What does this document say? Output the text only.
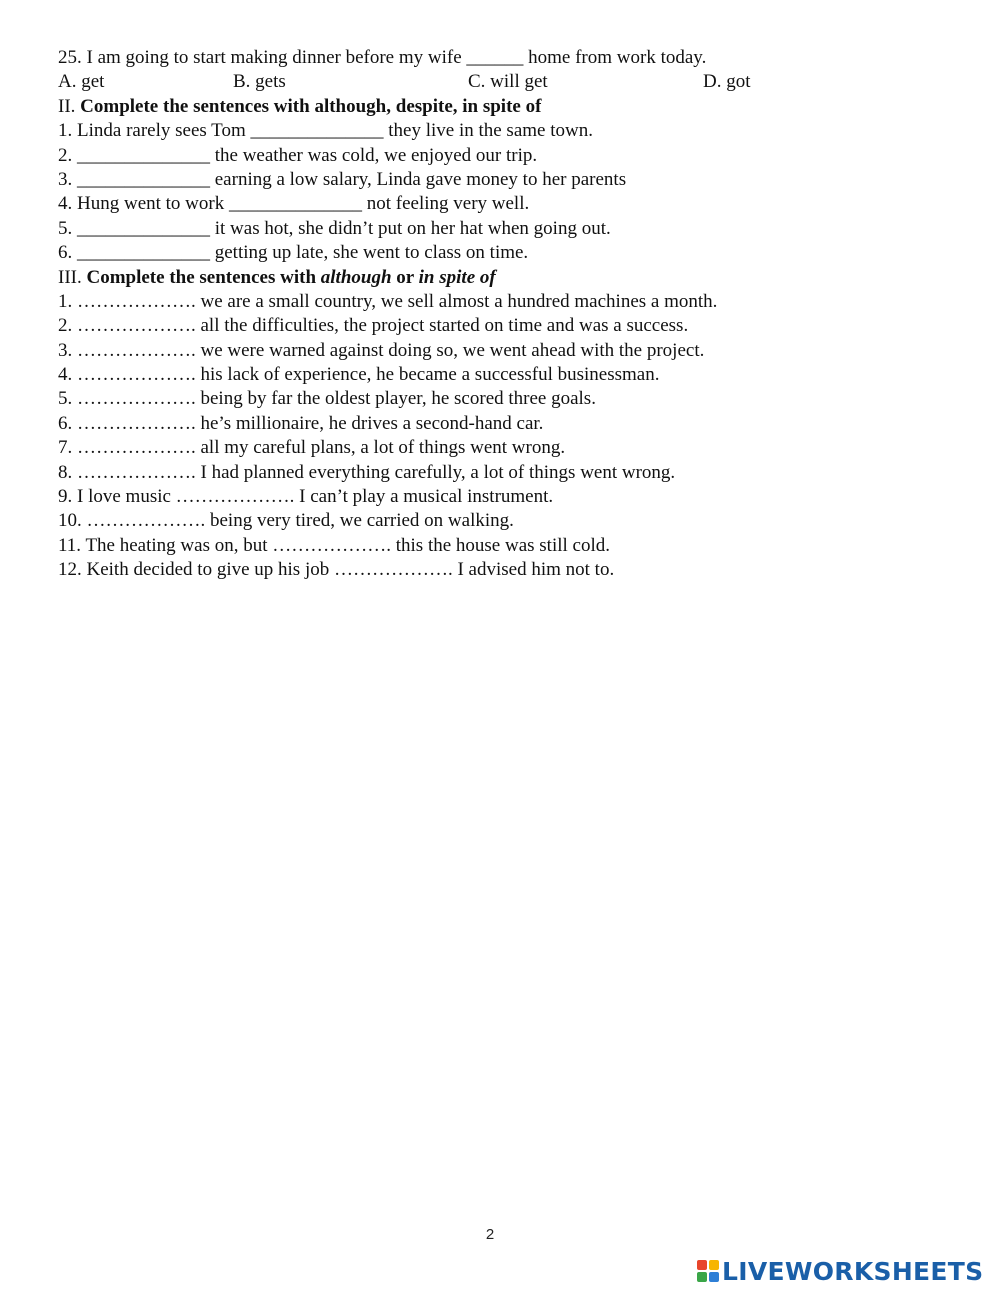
25. I am going to start making dinner before my wife ______ home from work today.
A. get	B. gets	C. will get	D. got
II. Complete the sentences with although, despite, in spite of
1. Linda rarely sees Tom ______________ they live in the same town.
2. ______________ the weather was cold, we enjoyed our trip.
3. ______________ earning a low salary, Linda gave money to her parents
4. Hung went to work ______________ not feeling very well.
5. ______________ it was hot, she didn’t put on her hat when going out.
6. ______________ getting up late, she went to class on time.
III. Complete the sentences with although or in spite of
1. ………………. we are a small country, we sell almost a hundred machines a month.
2. ………………. all the difficulties, the project started on time and was a success.
3. ………………. we were warned against doing so, we went ahead with the project.
4. ………………. his lack of experience, he became a successful businessman.
5. ………………. being by far the oldest player, he scored three goals.
6. ………………. he’s millionaire, he drives a second-hand car.
7. ………………. all my careful plans, a lot of things went wrong.
8. ………………. I had planned everything carefully, a lot of things went wrong.
9. I love music ………………. I can’t play a musical instrument.
10. ………………. being very tired, we carried on walking.
11. The heating was on, but ………………. this the house was still cold.
12. Keith decided to give up his job ………………. I advised him not to.
2
LIVEWORKSHEETS
